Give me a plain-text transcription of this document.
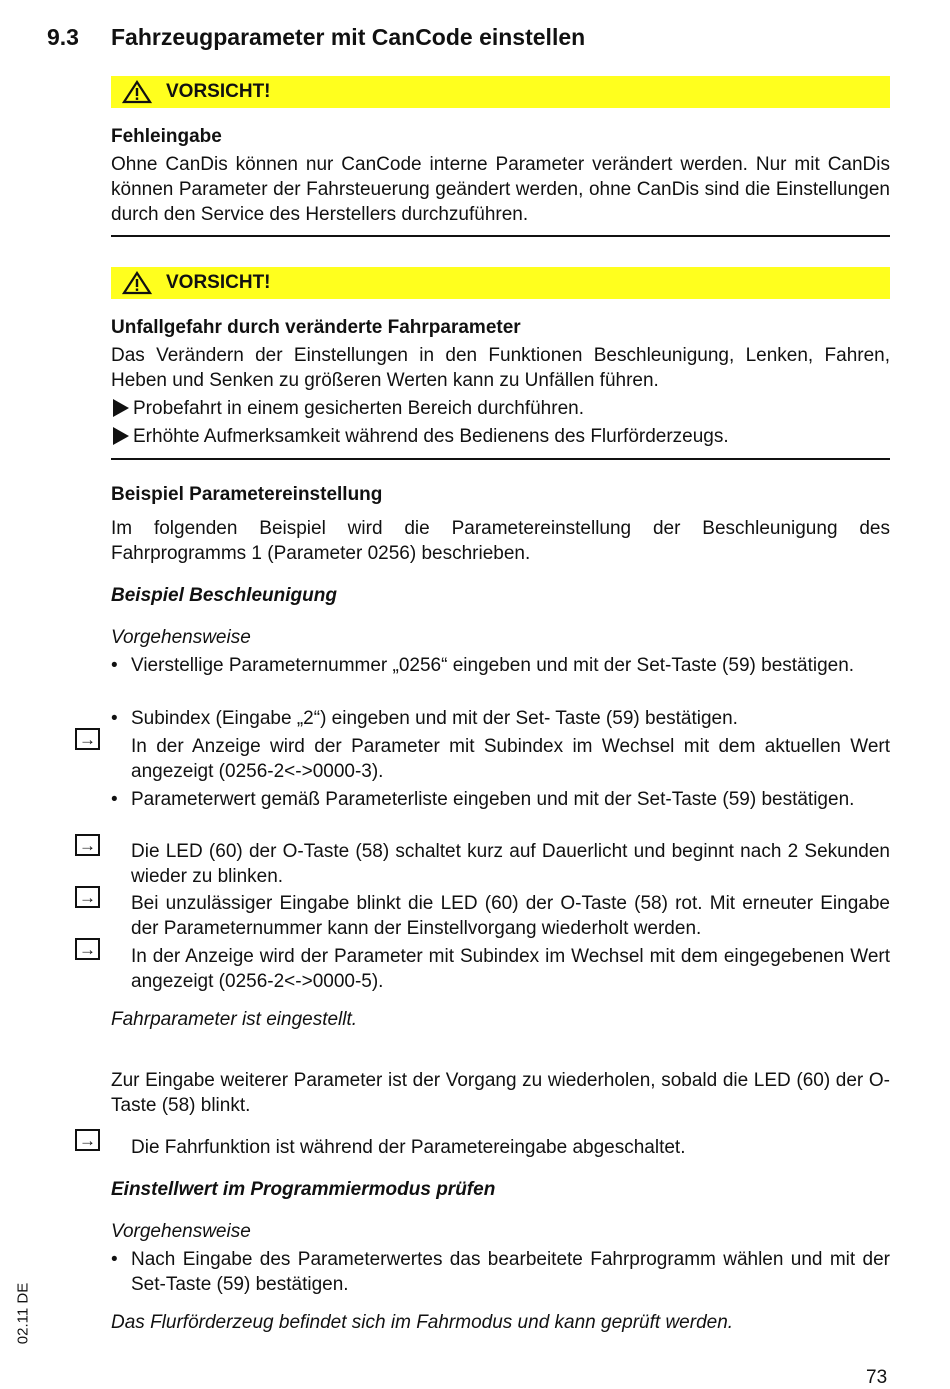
9.3 Fahrzeugparameter mit CanCode einstellen
VORSICHT!
Fehleingabe
Ohne CanDis können nur CanCode interne Parameter verändert werden. Nur mit CanDis können Parameter der Fahrsteuerung geändert werden, ohne CanDis sind die Einstellungen durch den Service des Herstellers durchzuführen.
VORSICHT!
Unfallgefahr durch veränderte Fahrparameter
Das Verändern der Einstellungen in den Funktionen Beschleunigung, Lenken, Fahren, Heben und Senken zu größeren Werten kann zu Unfällen führen.
Probefahrt in einem gesicherten Bereich durchführen.
Erhöhte Aufmerksamkeit während des Bedienens des Flurförderzeugs.
Beispiel Parametereinstellung
Im folgenden Beispiel wird die Parametereinstellung der Beschleunigung des Fahrprogramms 1 (Parameter 0256) beschrieben.
Beispiel Beschleunigung
Vorgehensweise
• Vierstellige Parameternummer „0256“ eingeben und mit der Set-Taste (59) bestätigen.
• Subindex (Eingabe „2“) eingeben und mit der Set- Taste (59) bestätigen.
→	In der Anzeige wird der Parameter mit Subindex im Wechsel mit dem aktuellen Wert angezeigt (0256-2<->0000-3).
• Parameterwert gemäß Parameterliste eingeben und mit der Set-Taste (59) bestätigen.
→	Die LED (60) der O-Taste (58) schaltet kurz auf Dauerlicht und beginnt nach 2 Sekunden wieder zu blinken.
→	Bei unzulässiger Eingabe blinkt die LED (60) der O-Taste (58) rot. Mit erneuter Eingabe der Parameternummer kann der Einstellvorgang wiederholt werden.
→	In der Anzeige wird der Parameter mit Subindex im Wechsel mit dem eingegebenen Wert angezeigt (0256-2<->0000-5).
Fahrparameter ist eingestellt.
Zur Eingabe weiterer Parameter ist der Vorgang zu wiederholen, sobald die LED (60) der O-Taste (58) blinkt.
→	Die Fahrfunktion ist während der Parametereingabe abgeschaltet.
Einstellwert im Programmiermodus prüfen
Vorgehensweise
• Nach Eingabe des Parameterwertes das bearbeitete Fahrprogramm wählen und mit der Set-Taste (59) bestätigen.
Das Flurförderzeug befindet sich im Fahrmodus und kann geprüft werden.
02.11 DE
73
